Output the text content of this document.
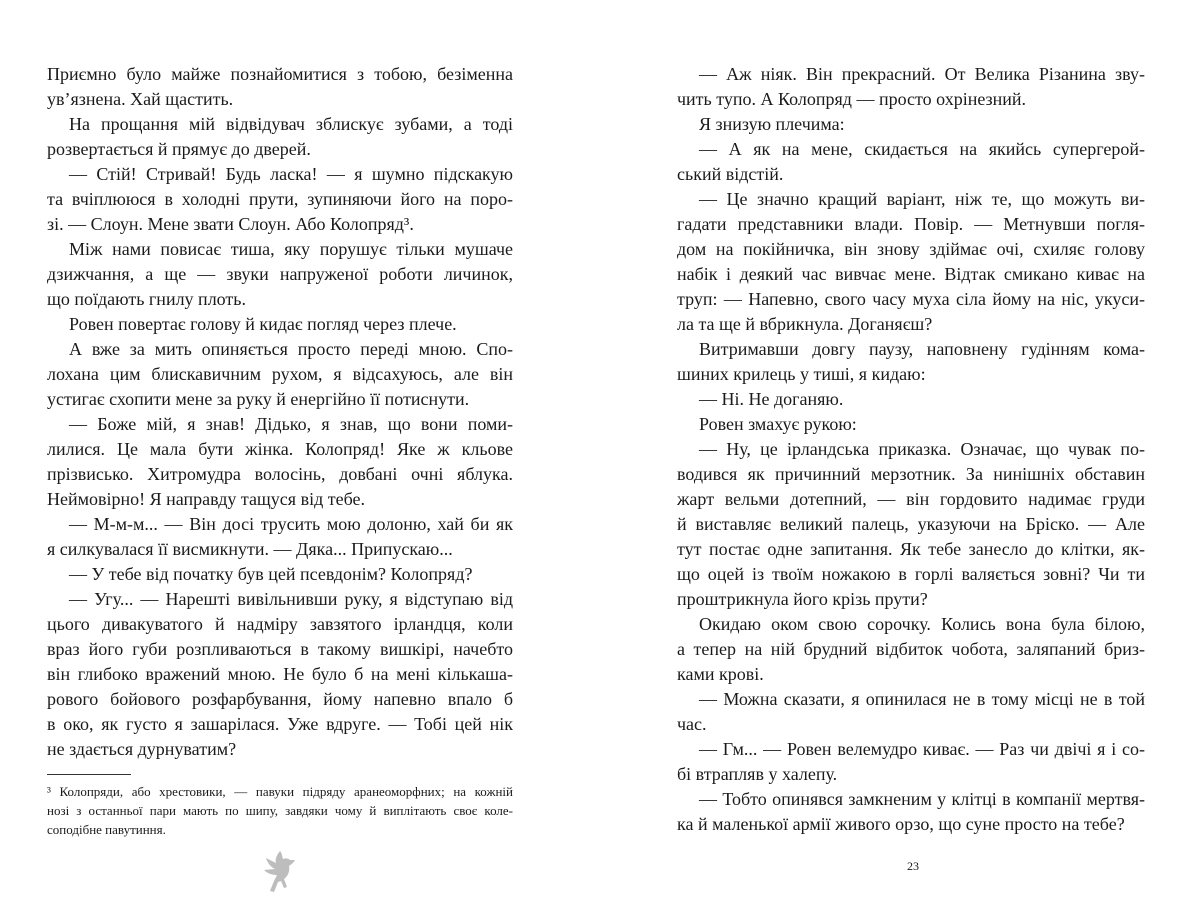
Приємно було майже познайомитися з тобою, безіменна
ув’язнена. Хай щастить.
На прощання мій відвідувач зблискує зубами, а тоді
розвертається й прямує до дверей.
— Стій! Стривай! Будь ласка! — я шумно підскакую
та вчіплююся в холодні прути, зупиняючи його на поро-
зі. — Слоун. Мене звати Слоун. Або Колопряд³.
Між нами повисає тиша, яку порушує тільки мушаче
дзижчання, а ще — звуки напруженої роботи личинок,
що поїдають гнилу плоть.
Ровен повертає голову й кидає погляд через плече.
А вже за мить опиняється просто переді мною. Спо-
лохана цим блискавичним рухом, я відсахуюсь, але він
устигає схопити мене за руку й енергійно її потиснути.
— Боже мій, я знав! Дідько, я знав, що вони поми-
лилися. Це мала бути жінка. Колопряд! Яке ж кльове
прізвисько. Хитромудра волосінь, довбані очні яблука.
Неймовірно! Я направду тащуся від тебе.
— М-м-м... — Він досі трусить мою долоню, хай би як
я силкувалася її висмикнути. — Дяка... Припускаю...
— У тебе від початку був цей псевдонім? Колопряд?
— Угу... — Нарешті вивільнивши руку, я відступаю від
цього дивакуватого й надміру завзятого ірландця, коли
враз його губи розпливаються в такому вишкірі, начебто
він глибоко вражений мною. Не було б на мені кількаша-
рового бойового розфарбування, йому напевно впало б
в око, як густо я зашарілася. Уже вдруге. — Тобі цей нік
не здається дурнуватим?
³ Колопряди, або хрестовики, — павуки підряду аранеоморфних; на кожній
нозі з останньої пари мають по шипу, завдяки чому й виплітають своє коле-
соподібне павутиння.
— Аж ніяк. Він прекрасний. От Велика Різанина зву-
чить тупо. А Колопряд — просто охрінезний.
Я знизую плечима:
— А як на мене, скидається на якийсь супергерой-
ський відстій.
— Це значно кращий варіант, ніж те, що можуть ви-
гадати представники влади. Повір. — Метнувши погля-
дом на покійничка, він знову здіймає очі, схиляє голову
набік і деякий час вивчає мене. Відтак смикано киває на
труп: — Напевно, свого часу муха сіла йому на ніс, укуси-
ла та ще й вбрикнула. Доганяєш?
Витримавши довгу паузу, наповнену гудінням кома-
шиних крилець у тиші, я кидаю:
— Ні. Не доганяю.
Ровен змахує рукою:
— Ну, це ірландська приказка. Означає, що чувак по-
водився як причинний мерзотник. За нинішніх обставин
жарт вельми дотепний, — він гордовито надимає груди
й виставляє великий палець, указуючи на Бріско. — Але
тут постає одне запитання. Як тебе занесло до клітки, як-
що оцей із твоїм ножакою в горлі валяється зовні? Чи ти
проштрикнула його крізь прути?
Окидаю оком свою сорочку. Колись вона була білою,
а тепер на ній брудний відбиток чобота, заляпаний бриз-
ками крові.
— Можна сказати, я опинилася не в тому місці не в той
час.
— Гм... — Ровен велемудро киває. — Раз чи двічі я і со-
бі втрапляв у халепу.
— Тобто опинявся замкненим у клітці в компанії мертвя-
ка й маленької армії живого орзо, що суне просто на тебе?
23
